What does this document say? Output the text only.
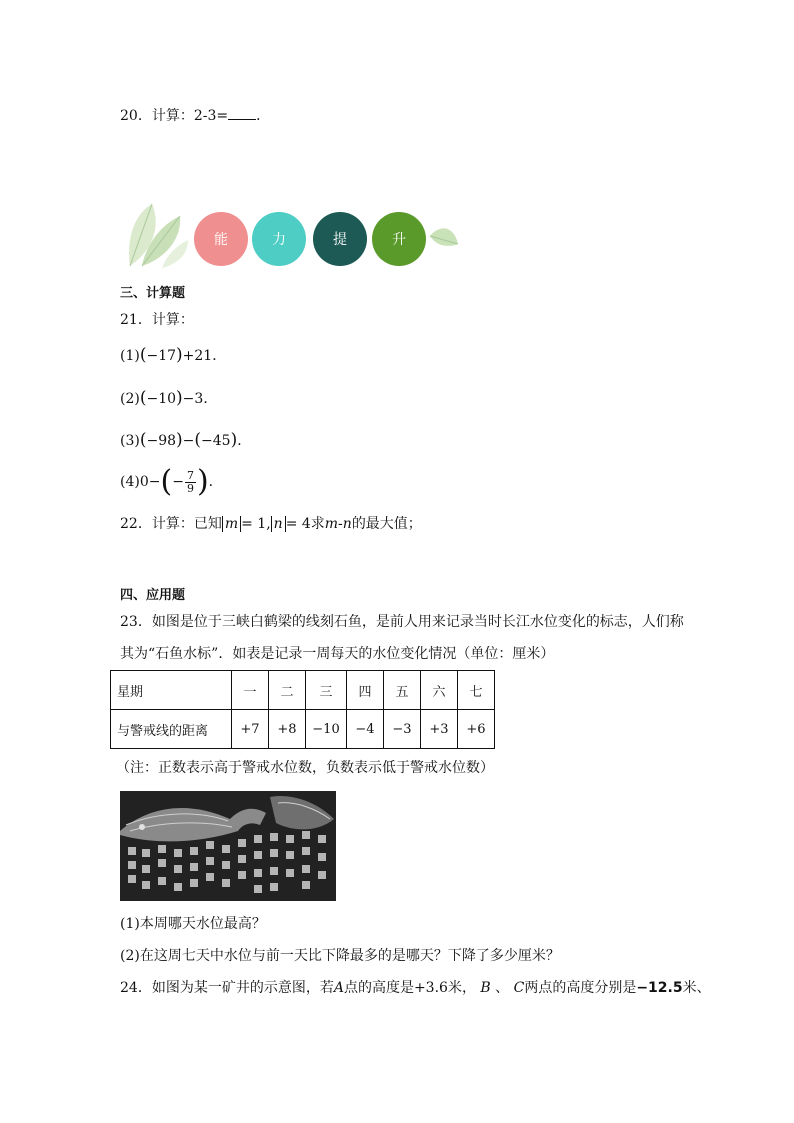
20．计算：2-3= ．
能	力	提	升
三、计算题
21．计算：
(1)(−17)+21．
(2)(−10)−3．
(3)(−98)−(−45)．
$(4)0-(- \frac{7}{9}$ )．
22．计算：已知 m = 1, n = 4求m-n的最大值；
四、应用题
23．如图是位于三峡白鹤梁的线刻石鱼，是前人用来记录当时长江水位变化的标志，人们称
其为“石鱼水标”．如表是记录一周每天的水位变化情况（单位：厘米）
星期	一	二	三	四	五	六	七
与警戒线的距离	+7	+8	−10	−4	−3	+3	+6
（注：正数表示高于警戒水位数，负数表示低于警戒水位数）
(1)本周哪天水位最高？
(2)在这周七天中水位与前一天比下降最多的是哪天？下降了多少厘米？
24．如图为某一矿井的示意图，若A点的高度是+3.6米， B 、 C两点的高度分别是−12.5米、
